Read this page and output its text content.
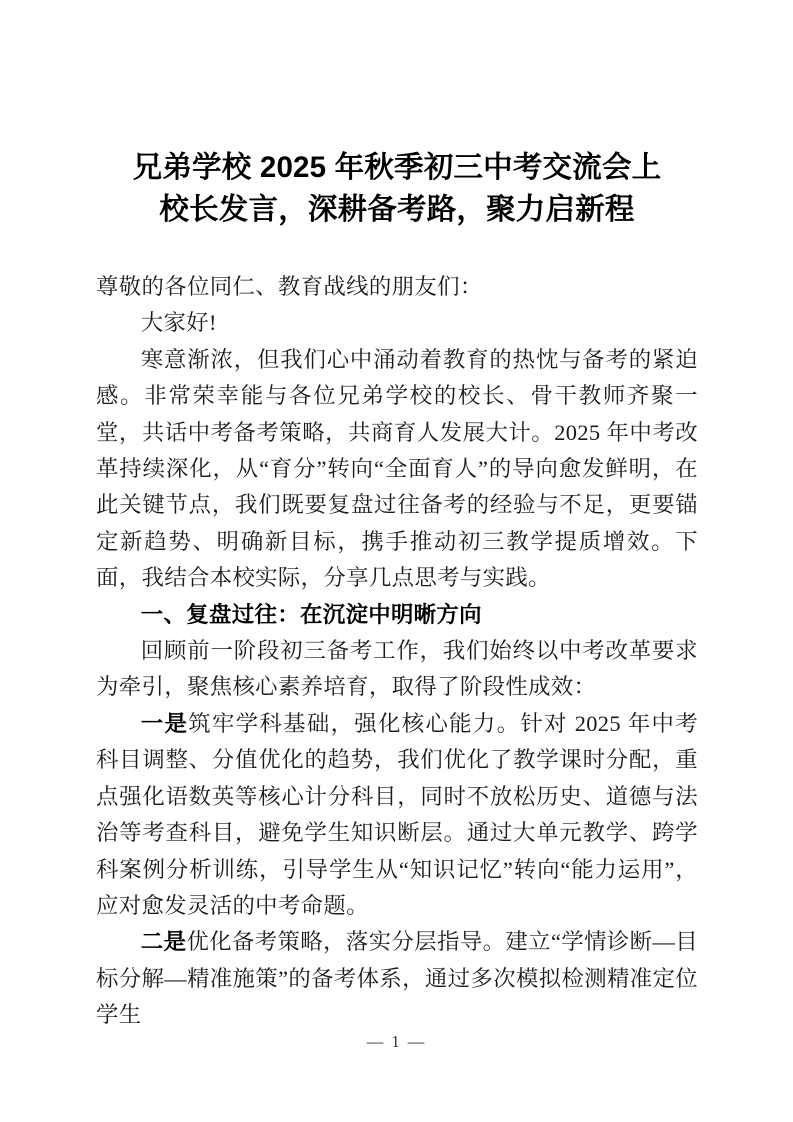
兄弟学校 2025 年秋季初三中考交流会上
校长发言，深耕备考路，聚力启新程

尊敬的各位同仁、教育战线的朋友们：

大家好!

寒意渐浓，但我们心中涌动着教育的热忱与备考的紧迫感。非常荣幸能与各位兄弟学校的校长、骨干教师齐聚一堂，共话中考备考策略，共商育人发展大计。2025 年中考改革持续深化，从“育分”转向“全面育人”的导向愈发鲜明，在此关键节点，我们既要复盘过往备考的经验与不足，更要锚定新趋势、明确新目标，携手推动初三教学提质增效。下面，我结合本校实际，分享几点思考与实践。

一、复盘过往：在沉淀中明晰方向

回顾前一阶段初三备考工作，我们始终以中考改革要求为牵引，聚焦核心素养培育，取得了阶段性成效：

一是筑牢学科基础，强化核心能力。针对 2025 年中考科目调整、分值优化的趋势，我们优化了教学课时分配，重点强化语数英等核心计分科目，同时不放松历史、道德与法治等考查科目，避免学生知识断层。通过大单元教学、跨学科案例分析训练，引导学生从“知识记忆”转向“能力运用”，应对愈发灵活的中考命题。

二是优化备考策略，落实分层指导。建立“学情诊断—目标分解—精准施策”的备考体系，通过多次模拟检测精准定位学生

— 1 —
